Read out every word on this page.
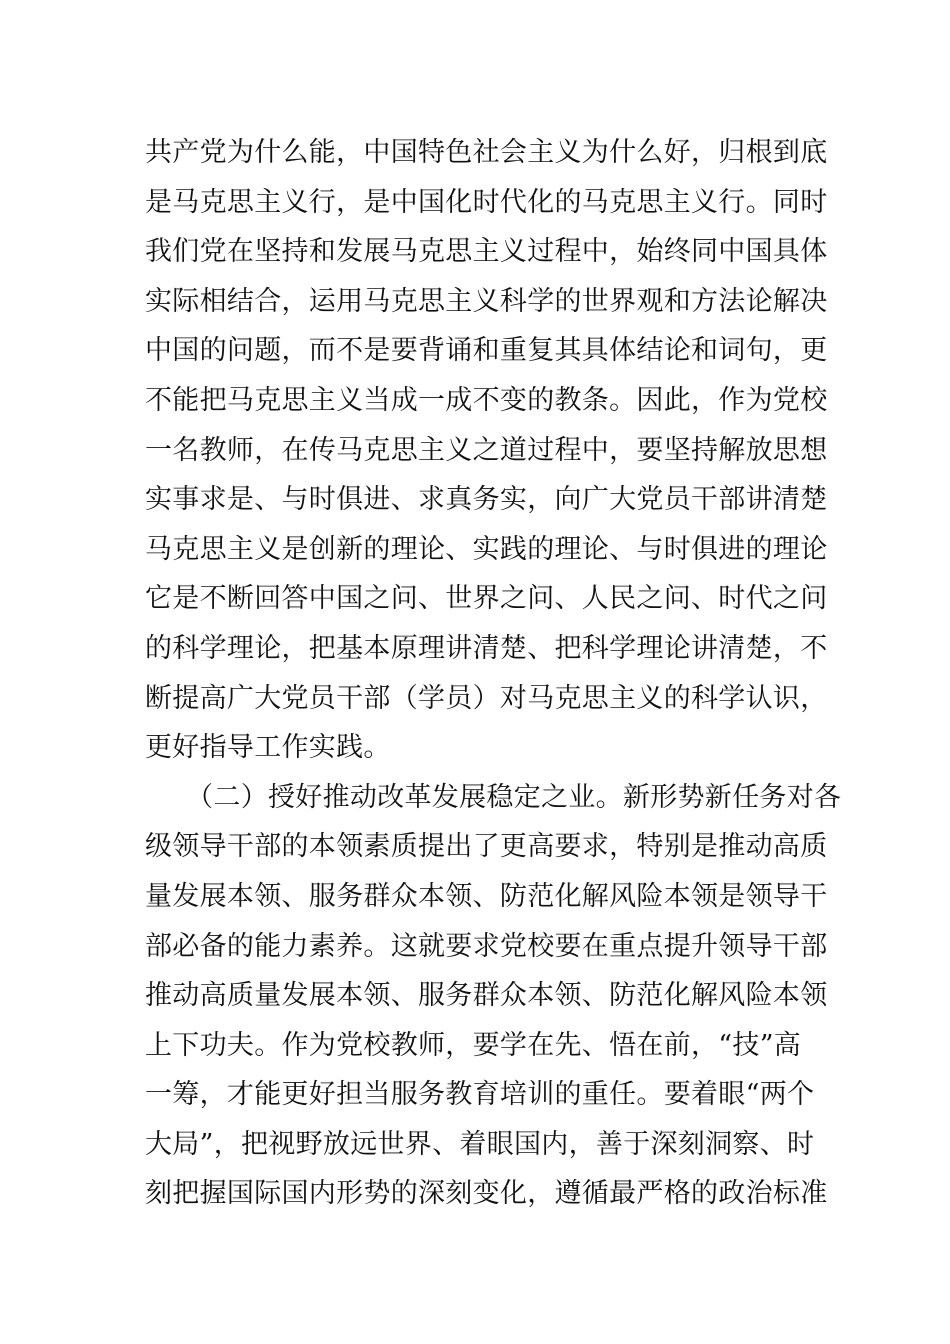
共产党为什么能，中国特色社会主义为什么好，归根到底
是马克思主义行，是中国化时代化的马克思主义行。同时
我们党在坚持和发展马克思主义过程中，始终同中国具体
实际相结合，运用马克思主义科学的世界观和方法论解决
中国的问题，而不是要背诵和重复其具体结论和词句，更
不能把马克思主义当成一成不变的教条。因此，作为党校
一名教师，在传马克思主义之道过程中，要坚持解放思想
实事求是、与时俱进、求真务实，向广大党员干部讲清楚
马克思主义是创新的理论、实践的理论、与时俱进的理论
它是不断回答中国之问、世界之问、人民之问、时代之问
的科学理论，把基本原理讲清楚、把科学理论讲清楚，不
断提高广大党员干部（学员）对马克思主义的科学认识，
更好指导工作实践。
　　（二）授好推动改革发展稳定之业。新形势新任务对各
级领导干部的本领素质提出了更高要求，特别是推动高质
量发展本领、服务群众本领、防范化解风险本领是领导干
部必备的能力素养。这就要求党校要在重点提升领导干部
推动高质量发展本领、服务群众本领、防范化解风险本领
上下功夫。作为党校教师，要学在先、悟在前，“技”高
一筹，才能更好担当服务教育培训的重任。要着眼“两个
大局”，把视野放远世界、着眼国内，善于深刻洞察、时
刻把握国际国内形势的深刻变化，遵循最严格的政治标准
